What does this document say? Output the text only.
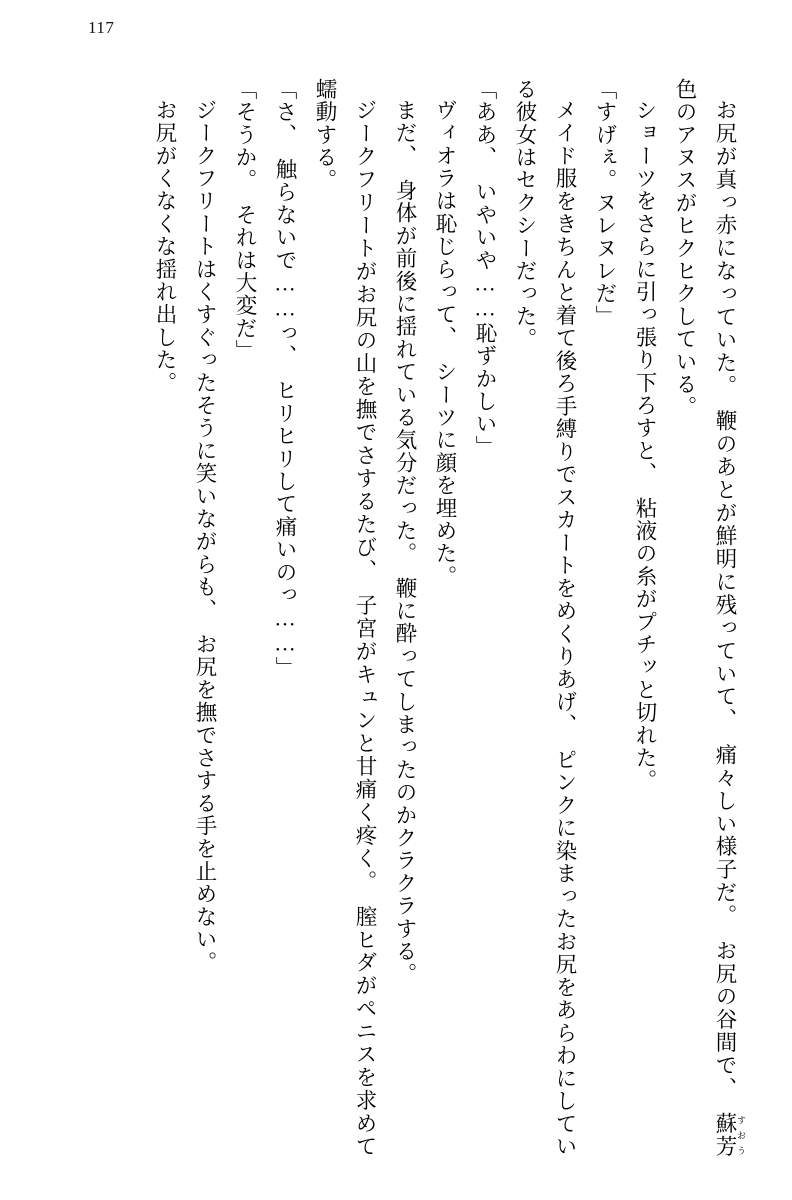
117

お尻が真っ赤になっていた。　鞭のあとが鮮明に残っていて、　痛々しい様子だ。　お尻の谷間で、　蘇芳 すおう色のアヌスがヒクヒクしている。

ショーツをさらに引っ張り下ろすと、　粘液の糸がプチッと切れた。

「すげぇ。ヌレヌレだ」

メイド服をきちんと着て後ろ手縛りでスカートをめくりあげ、　ピンクに染まったお尻をあらわにしている彼女はセクシーだった。

「ああ、　いやいや……恥ずかしい」

ヴィオラは恥じらって、　シーツに顔を埋めた。

まだ、　身体が前後に揺れている気分だった。　鞭に酔ってしまったのかクラクラする。

ジークフリートがお尻の山を撫でさするたび、　子宮がキュンと甘痛く疼く。　膣ヒダがペニスを求めて蠕動する。

「さ、　触らないで……っ、　ヒリヒリして痛いのっ……」

「そうか。　それは大変だ」

ジークフリートはくすぐったそうに笑いながらも、　お尻を撫でさする手を止めない。

お尻がくなくな揺れ出した。
